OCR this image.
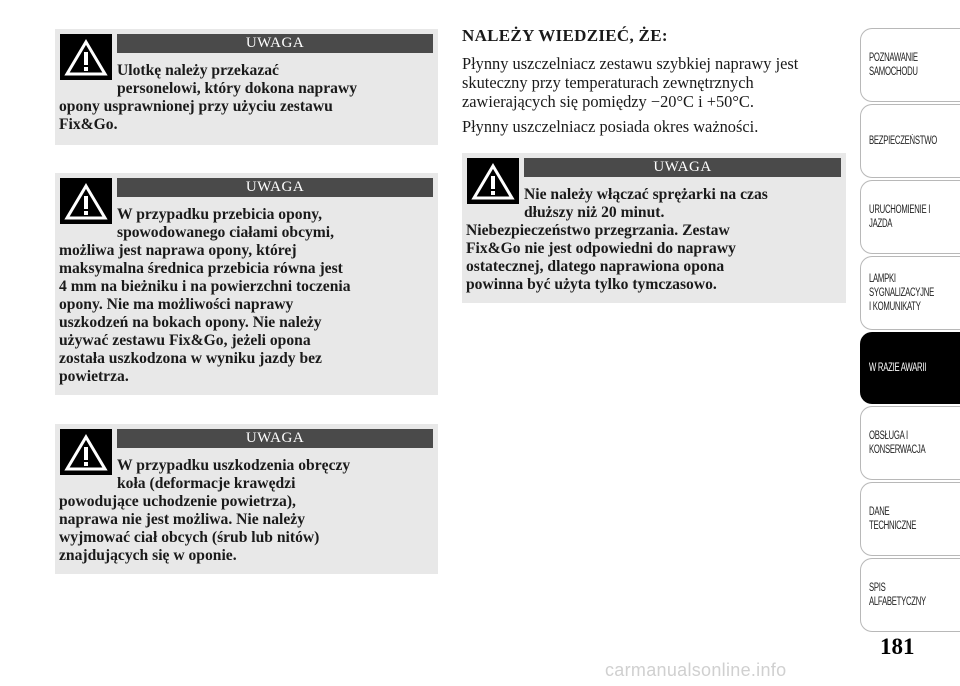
UWAGA
Ulotkę należy przekazać
personelowi, który dokona naprawy
opony usprawnionej przy użyciu zestawu
Fix&Go.
UWAGA
W przypadku przebicia opony,
spowodowanego ciałami obcymi,
możliwa jest naprawa opony, której
maksymalna średnica przebicia równa jest
4 mm na bieżniku i na powierzchni toczenia
opony. Nie ma możliwości naprawy
uszkodzeń na bokach opony. Nie należy
używać zestawu Fix&Go, jeżeli opona
została uszkodzona w wyniku jazdy bez
powietrza.
UWAGA
W przypadku uszkodzenia obręczy
koła (deformacje krawędzi
powodujące uchodzenie powietrza),
naprawa nie jest możliwa. Nie należy
wyjmować ciał obcych (śrub lub nitów)
znajdujących się w oponie.
NALEŻY WIEDZIEĆ, ŻE:
Płynny uszczelniacz zestawu szybkiej naprawy jest
skuteczny przy temperaturach zewnętrznych
zawierających się pomiędzy −20°C i +50°C.
Płynny uszczelniacz posiada okres ważności.
UWAGA
Nie należy włączać sprężarki na czas
dłuższy niż 20 minut.
Niebezpieczeństwo przegrzania. Zestaw
Fix&Go nie jest odpowiedni do naprawy
ostatecznej, dlatego naprawiona opona
powinna być użyta tylko tymczasowo.
POZNAWANIE
SAMOCHODU
BEZPIECZEŃSTWO
URUCHOMIENIE I
JAZDA
LAMPKI
SYGNALIZACYJNE
I KOMUNIKATY
W RAZIE AWARII
OBSŁUGA I
KONSERWACJA
DANE
TECHNICZNE
SPIS
ALFABETYCZNY
181
carmanualsonline.info
